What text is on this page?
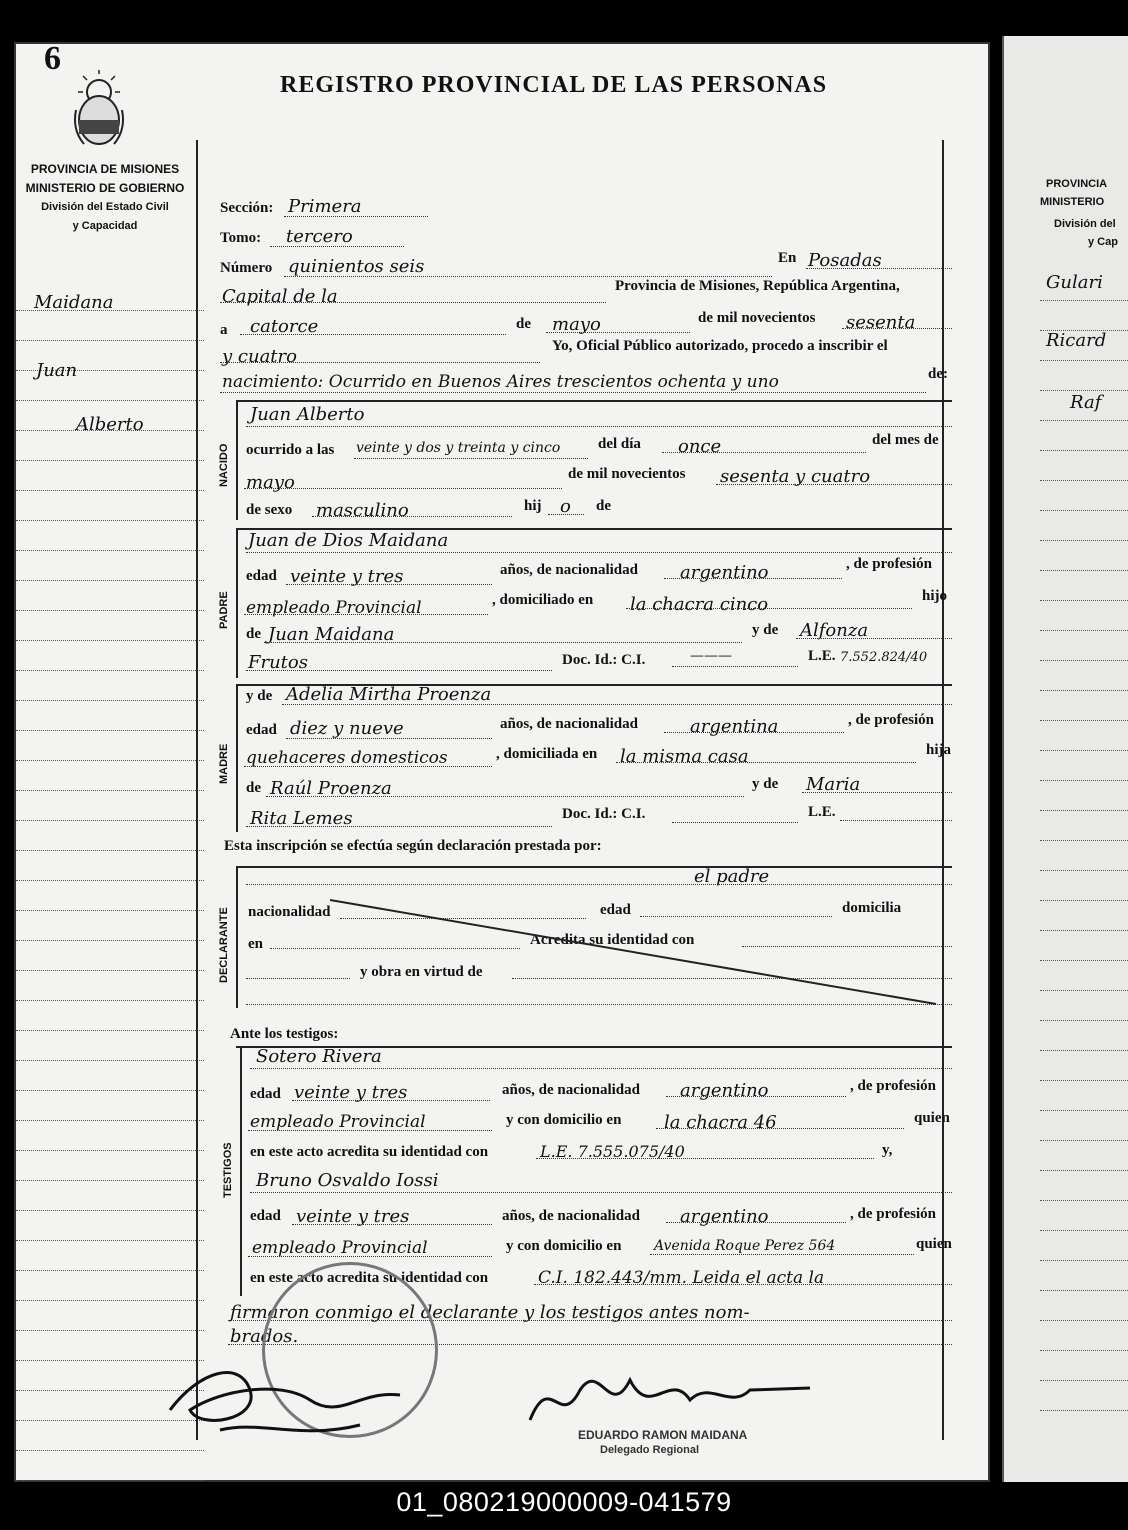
6
REGISTRO PROVINCIAL DE LAS PERSONAS
PROVINCIA DE MISIONES
MINISTERIO DE GOBIERNO
División del Estado Civil
y Capacidad
Maidana
Juan
Alberto
Sección: Primera
Tomo: tercero
Número quinientos seis	En Posadas
Capital de la	Provincia de Misiones, República Argentina,
a catorce	de mayo	de mil novecientos sesenta
y cuatro	Yo, Oficial Público autorizado, procedo a inscribir el
nacimiento: Ocurrido en Buenos Aires trescientos ochenta y uno	de:
NACIDO
Juan Alberto
ocurrido a las veinte y dos y treinta y cinco	del día once	del mes de
mayo	de mil novecientos sesenta y cuatro
de sexo masculino	hij o de
PADRE
Juan de Dios Maidana
edad veinte y tres	años, de nacionalidad argentino	, de profesión
empleado Provincial	, domiciliado en la chacra cinco	hijo
de Juan Maidana	y de Alfonza
Frutos	Doc. Id.: C.I.	———	L.E. 7.552.824/40
MADRE
y de Adelia Mirtha Proenza
edad diez y nueve	años, de nacionalidad	argentina	, de profesión
quehaceres domesticos	, domiciliada en la misma casa	hija
de Raúl Proenza	y de Maria
Rita Lemes	Doc. Id.: C.I.	L.E.
Esta inscripción se efectúa según declaración prestada por:
DECLARANTE
el padre
nacionalidad	edad	domicilia
en	Acredita su identidad con
y obra en virtud de
Ante los testigos:
TESTIGOS
Sotero Rivera
edad veinte y tres	años, de nacionalidad argentino	, de profesión
empleado Provincial	y con domicilio en la chacra 46	quien
en este acto acredita su identidad con	L.E. 7.555.075/40	y,
Bruno Osvaldo Iossi
edad veinte y tres	años, de nacionalidad argentino	, de profesión
empleado Provincial	y con domicilio en Avenida Roque Perez 564	quien
en este acto acredita su identidad con	C.I. 182.443/mm. Leida el acta la
firmaron conmigo el declarante y los testigos antes nom-
brados.
EDUARDO RAMON MAIDANA
Delegado Regional
PROVINCIA
MINISTERIO
División del
y Cap
Gulari
Ricard
Raf
01_080219000009-041579
